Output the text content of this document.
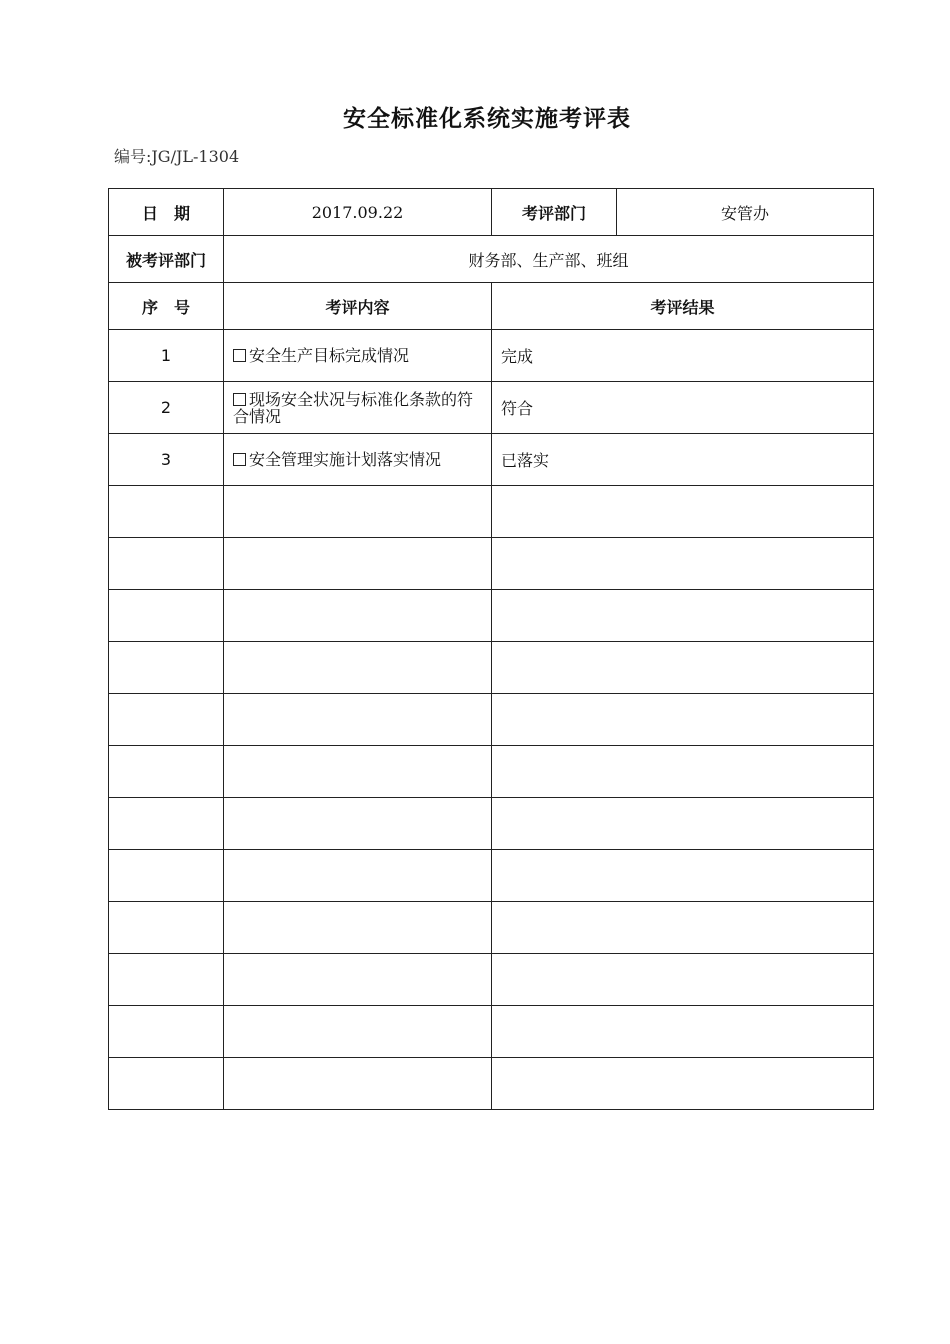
安全标准化系统实施考评表
编号:JG/JL-1304
日　期	2017.09.22	考评部门	安管办
被考评部门	财务部、生产部、班组		
序　号	考评内容	考评结果	
1	安全生产目标完成情况	完成	
2	现场安全状况与标准化条款的符合情况	符合	
3	安全管理实施计划落实情况	已落实	
